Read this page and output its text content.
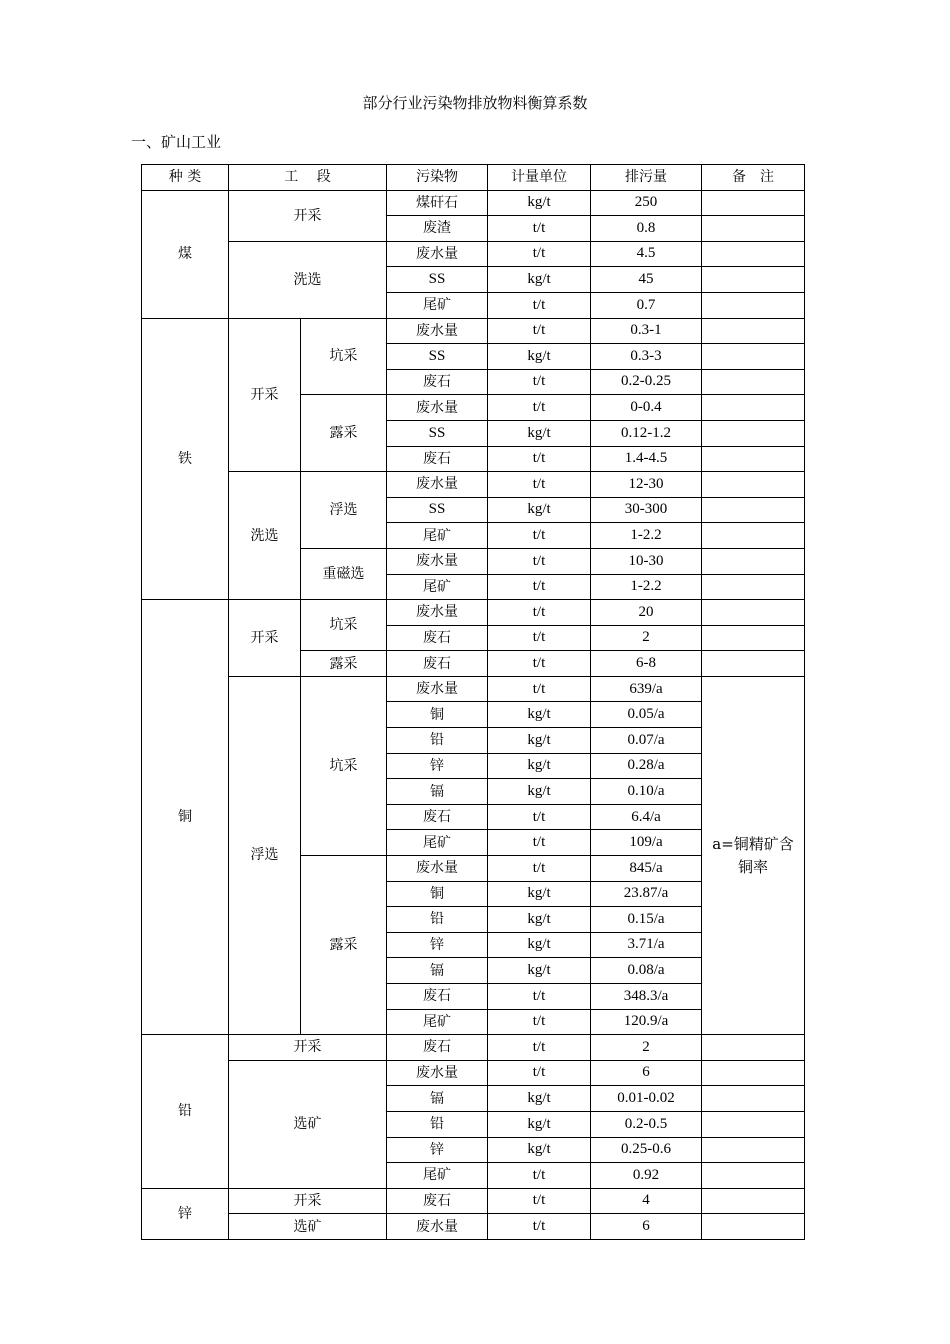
部分行业污染物排放物料衡算系数
一、矿山工业
种 类	工　 段		污染物	计量单位	排污量	备　注
煤	开采		煤矸石	kg/t	250	
			废渣	t/t	0.8	
	洗选		废水量	t/t	4.5	
			SS	kg/t	45	
			尾矿	t/t	0.7	
铁	开采	坑采	废水量	t/t	0.3-1	
			SS	kg/t	0.3-3	
			废石	t/t	0.2-0.25	
		露采	废水量	t/t	0-0.4	
			SS	kg/t	0.12-1.2	
			废石	t/t	1.4-4.5	
	洗选	浮选	废水量	t/t	12-30	
			SS	kg/t	30-300	
			尾矿	t/t	1-2.2	
		重磁选	废水量	t/t	10-30	
			尾矿	t/t	1-2.2	
铜	开采	坑采	废水量	t/t	20	
			废石	t/t	2	
		露采	废石	t/t	6-8	
	浮选	坑采	废水量	t/t	639/a	a=铜精矿含铜率
			铜	kg/t	0.05/a	
			铅	kg/t	0.07/a	
			锌	kg/t	0.28/a	
			镉	kg/t	0.10/a	
			废石	t/t	6.4/a	
			尾矿	t/t	109/a	
		露采	废水量	t/t	845/a	
			铜	kg/t	23.87/a	
			铅	kg/t	0.15/a	
			锌	kg/t	3.71/a	
			镉	kg/t	0.08/a	
			废石	t/t	348.3/a	
			尾矿	t/t	120.9/a	
铅	开采		废石	t/t	2	
	选矿		废水量	t/t	6	
			镉	kg/t	0.01-0.02	
			铅	kg/t	0.2-0.5	
			锌	kg/t	0.25-0.6	
			尾矿	t/t	0.92	
锌	开采		废石	t/t	4	
	选矿		废水量	t/t	6	
